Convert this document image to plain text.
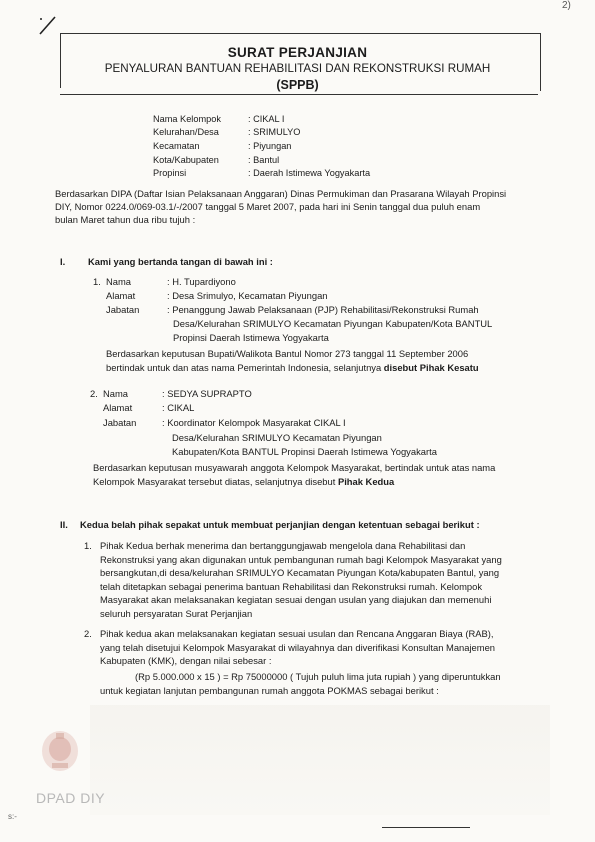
2)
SURAT PERJANJIAN
PENYALURAN BANTUAN REHABILITASI DAN REKONSTRUKSI RUMAH
(SPPB)
Nama Kelompok	: CIKAL I
Kelurahan/Desa	: SRIMULYO
Kecamatan	: Piyungan
Kota/Kabupaten	: Bantul
Propinsi	: Daerah Istimewa Yogyakarta
Berdasarkan DIPA (Daftar Isian Pelaksanaan Anggaran) Dinas Permukiman dan Prasarana Wilayah Propinsi
DIY, Nomor 0224.0/069-03.1/-/2007 tanggal 5 Maret 2007, pada hari ini Senin tanggal dua puluh enam
bulan Maret tahun dua ribu tujuh :
I. Kami yang bertanda tangan di bawah ini :
1. Nama	: H. Tupardiyono
Alamat	: Desa Srimulyo, Kecamatan Piyungan
Jabatan	: Penanggung Jawab Pelaksanaan (PJP) Rehabilitasi/Rekonstruksi Rumah
Desa/Kelurahan SRIMULYO Kecamatan Piyungan Kabupaten/Kota BANTUL
Propinsi Daerah Istimewa Yogyakarta
Berdasarkan keputusan Bupati/Walikota Bantul Nomor 273 tanggal 11 September 2006
bertindak untuk dan atas nama Pemerintah Indonesia, selanjutnya disebut Pihak Kesatu
2. Nama	: SEDYA SUPRAPTO
Alamat	: CIKAL
Jabatan	: Koordinator Kelompok Masyarakat CIKAL I
Desa/Kelurahan SRIMULYO Kecamatan Piyungan
Kabupaten/Kota BANTUL Propinsi Daerah Istimewa Yogyakarta
Berdasarkan keputusan musyawarah anggota Kelompok Masyarakat, bertindak untuk atas nama
Kelompok Masyarakat tersebut diatas, selanjutnya disebut Pihak Kedua
II. Kedua belah pihak sepakat untuk membuat perjanjian dengan ketentuan sebagai berikut :
1. Pihak Kedua berhak menerima dan bertanggungjawab mengelola dana Rehabilitasi dan
Rekonstruksi yang akan digunakan untuk pembangunan rumah bagi Kelompok Masyarakat yang
bersangkutan,di desa/kelurahan SRIMULYO Kecamatan Piyungan Kota/kabupaten Bantul, yang
telah ditetapkan sebagai penerima bantuan Rehabilitasi dan Rekonstruksi rumah. Kelompok
Masyarakat akan melaksanakan kegiatan sesuai dengan usulan yang diajukan dan memenuhi
seluruh persyaratan Surat Perjanjian
2. Pihak kedua akan melaksanakan kegiatan sesuai usulan dan Rencana Anggaran Biaya (RAB),
yang telah disetujui Kelompok Masyarakat di wilayahnya dan diverifikasi Konsultan Manajemen
Kabupaten (KMK), dengan nilai sebesar :
(Rp 5.000.000 x 15 ) = Rp 75000000 ( Tujuh puluh lima juta rupiah ) yang diperuntukkan
untuk kegiatan lanjutan pembangunan rumah anggota POKMAS sebagai berikut :
DPAD DIY
s:-
